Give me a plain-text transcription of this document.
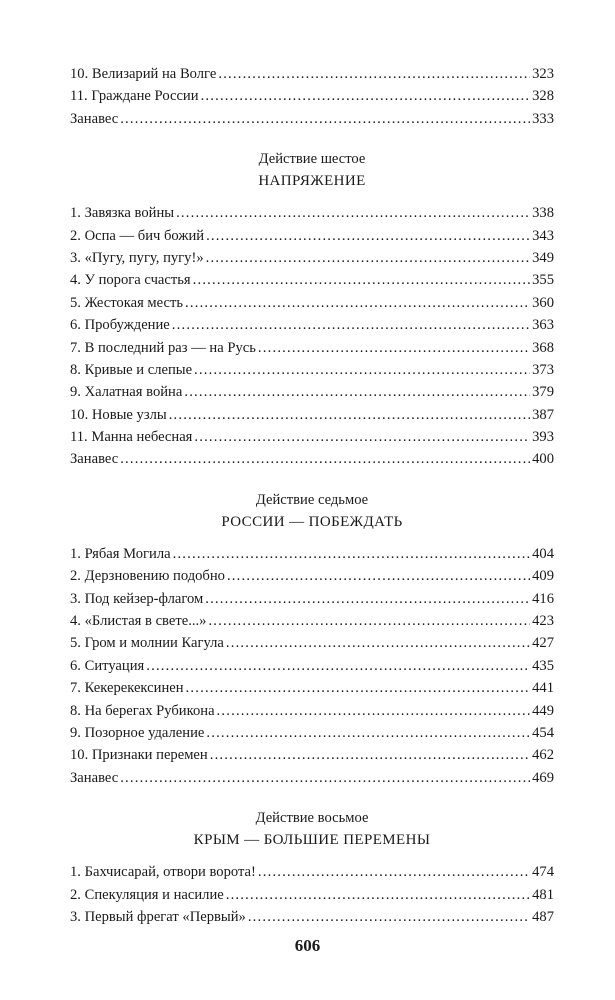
10. Велизарий на Волге .....	323
11. Граждане России .....	328
Занавес .....	333
Действие шестое
НАПРЯЖЕНИЕ
1. Завязка войны .....	338
2. Оспа — бич божий .....	343
3. «Пугу, пугу, пугу!» .....	349
4. У порога счастья .....	355
5. Жестокая месть .....	360
6. Пробуждение .....	363
7. В последний раз — на Русь .....	368
8. Кривые и слепые .....	373
9. Халатная война .....	379
10. Новые узлы .....	387
11. Манна небесная .....	393
Занавес .....	400
Действие седьмое
РОССИИ — ПОБЕЖДАТЬ
1. Рябая Могила .....	404
2. Дерзновению подобно .....	409
3. Под кейзер-флагом .....	416
4. «Блистая в свете...» .....	423
5. Гром и молнии Кагула .....	427
6. Ситуация .....	435
7. Кекерекексинен .....	441
8. На берегах Рубикона .....	449
9. Позорное удаление .....	454
10. Признаки перемен .....	462
Занавес .....	469
Действие восьмое
КРЫМ — БОЛЬШИЕ ПЕРЕМЕНЫ
1. Бахчисарай, отвори ворота! .....	474
2. Спекуляция и насилие .....	481
3. Первый фрегат «Первый» .....	487
606
